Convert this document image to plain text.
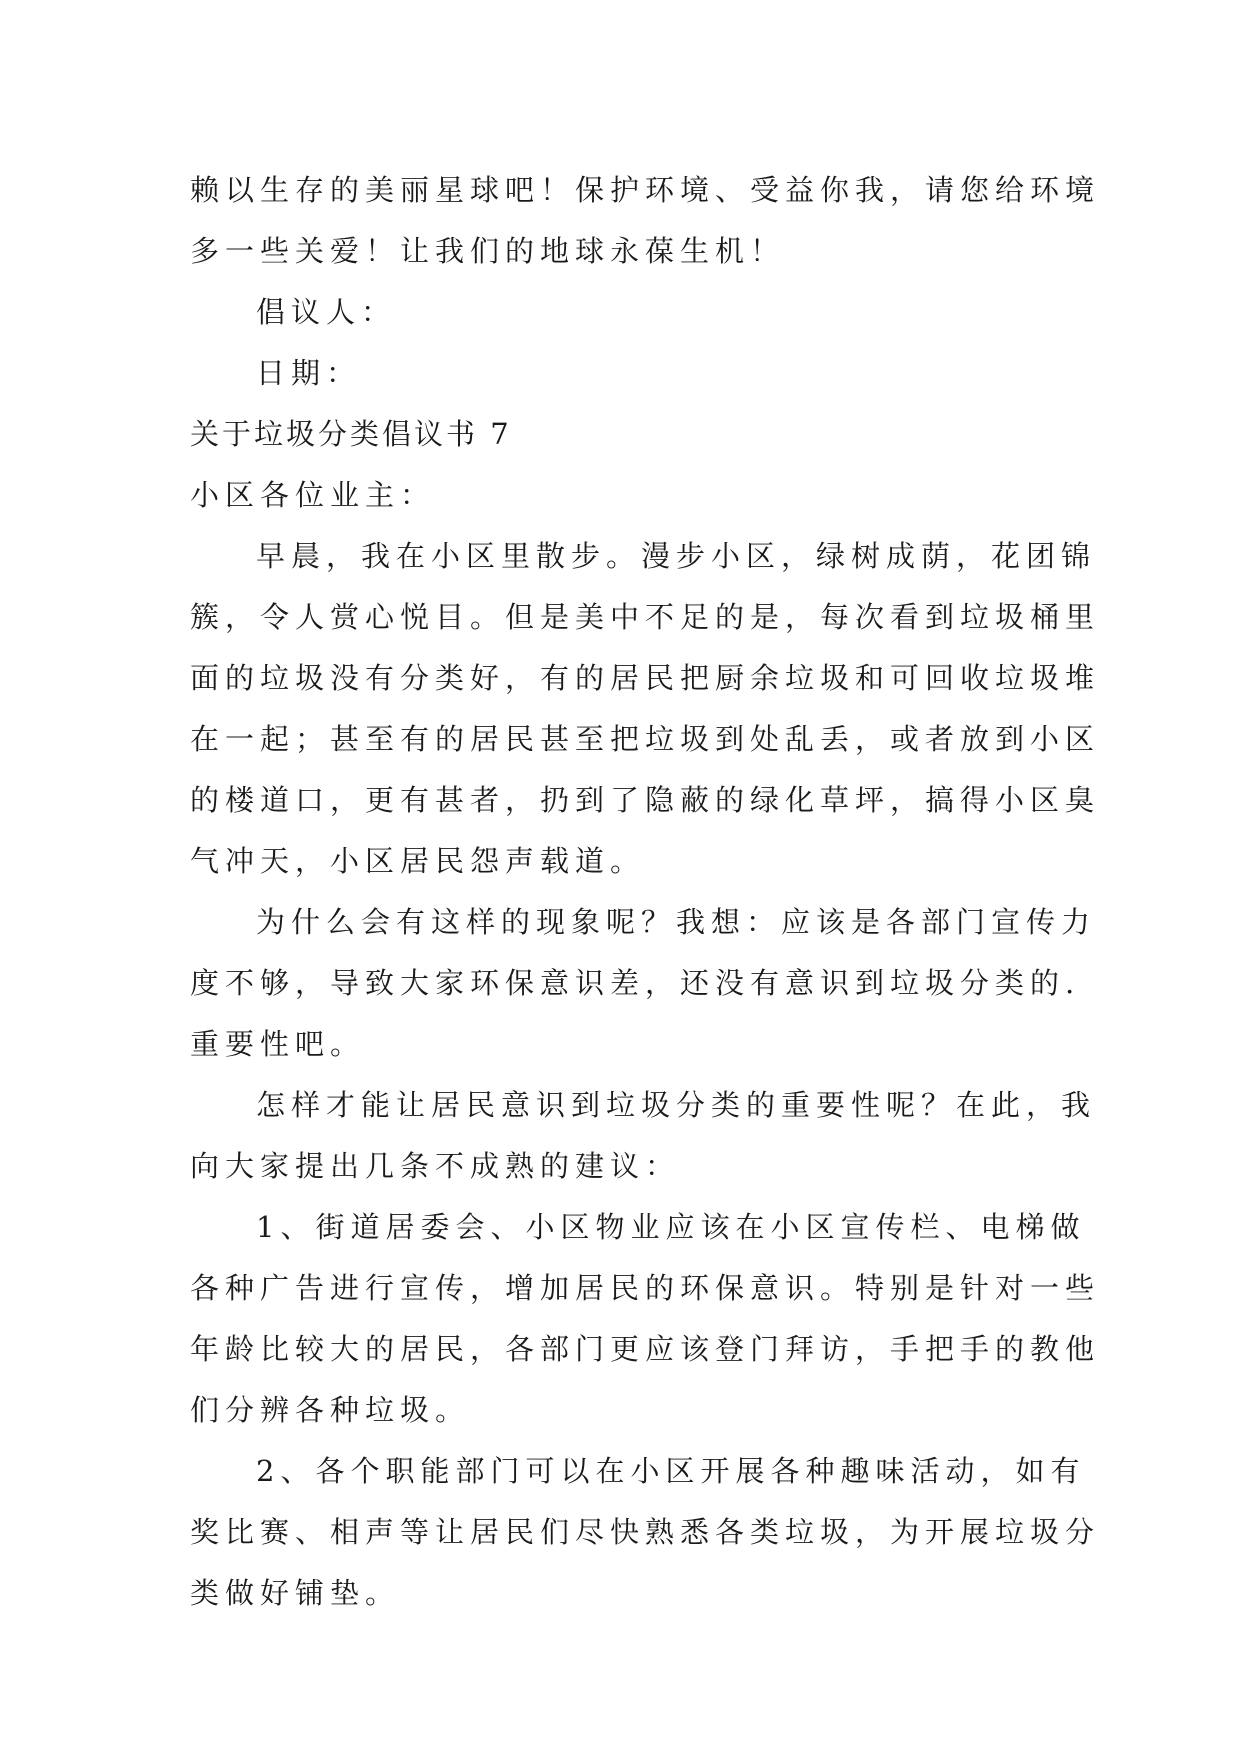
赖以生存的美丽星球吧！保护环境、受益你我，请您给环境
多一些关爱！让我们的地球永葆生机！
倡议人：
日期：
关于垃圾分类倡议书 7
小区各位业主：
早晨，我在小区里散步。漫步小区，绿树成荫，花团锦
簇，令人赏心悦目。但是美中不足的是，每次看到垃圾桶里
面的垃圾没有分类好，有的居民把厨余垃圾和可回收垃圾堆
在一起；甚至有的居民甚至把垃圾到处乱丢，或者放到小区
的楼道口，更有甚者，扔到了隐蔽的绿化草坪，搞得小区臭
气冲天，小区居民怨声载道。
为什么会有这样的现象呢？我想：应该是各部门宣传力
度不够，导致大家环保意识差，还没有意识到垃圾分类的.
重要性吧。
怎样才能让居民意识到垃圾分类的重要性呢？在此，我
向大家提出几条不成熟的建议：
1、街道居委会、小区物业应该在小区宣传栏、电梯做
各种广告进行宣传，增加居民的环保意识。特别是针对一些
年龄比较大的居民，各部门更应该登门拜访，手把手的教他
们分辨各种垃圾。
2、各个职能部门可以在小区开展各种趣味活动，如有
奖比赛、相声等让居民们尽快熟悉各类垃圾，为开展垃圾分
类做好铺垫。
